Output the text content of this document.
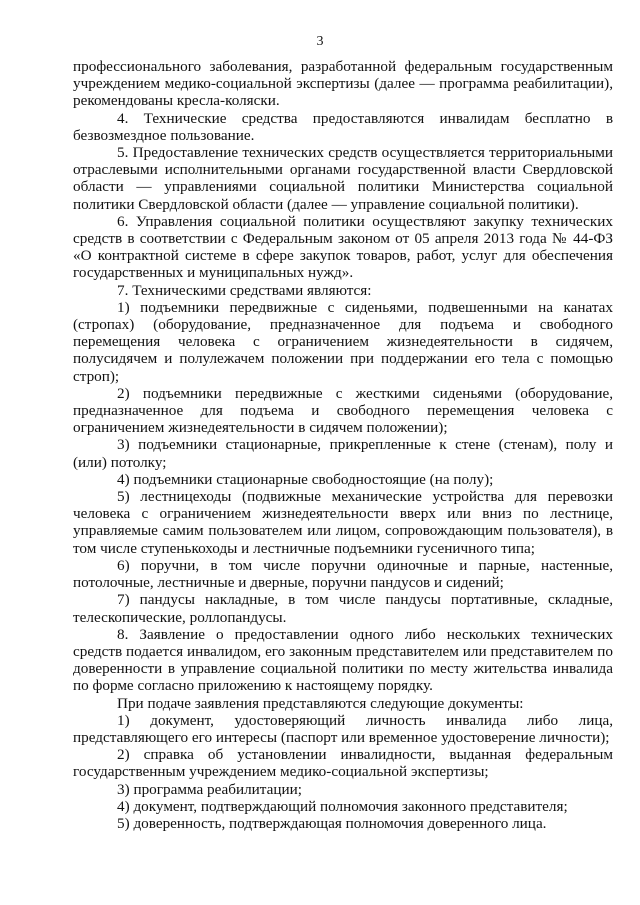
3

профессионального заболевания, разработанной федеральным государственным учреждением медико-социальной экспертизы (далее — программа реабилитации), рекомендованы кресла-коляски.

4. Технические средства предоставляются инвалидам бесплатно в безвозмездное пользование.

5. Предоставление технических средств осуществляется территориальными отраслевыми исполнительными органами государственной власти Свердловской области — управлениями социальной политики Министерства социальной политики Свердловской области (далее — управление социальной политики).

6. Управления социальной политики осуществляют закупку технических средств в соответствии с Федеральным законом от 05 апреля 2013 года № 44-ФЗ «О контрактной системе в сфере закупок товаров, работ, услуг для обеспечения государственных и муниципальных нужд».

7. Техническими средствами являются:

1) подъемники передвижные с сиденьями, подвешенными на канатах (стропах) (оборудование, предназначенное для подъема и свободного перемещения человека с ограничением жизнедеятельности в сидячем, полусидячем и полулежачем положении при поддержании его тела с помощью строп);

2) подъемники передвижные с жесткими сиденьями (оборудование, предназначенное для подъема и свободного перемещения человека с ограничением жизнедеятельности в сидячем положении);

3) подъемники стационарные, прикрепленные к стене (стенам), полу и (или) потолку;

4) подъемники стационарные свободностоящие (на полу);

5) лестницеходы (подвижные механические устройства для перевозки человека с ограничением жизнедеятельности вверх или вниз по лестнице, управляемые самим пользователем или лицом, сопровождающим пользователя), в том числе ступенькоходы и лестничные подъемники гусеничного типа;

6) поручни, в том числе поручни одиночные и парные, настенные, потолочные, лестничные и дверные, поручни пандусов и сидений;

7) пандусы накладные, в том числе пандусы портативные, складные, телескопические, роллопандусы.

8. Заявление о предоставлении одного либо нескольких технических средств подается инвалидом, его законным представителем или представителем по доверенности в управление социальной политики по месту жительства инвалида по форме согласно приложению к настоящему порядку.

При подаче заявления представляются следующие документы:

1) документ, удостоверяющий личность инвалида либо лица, представляющего его интересы (паспорт или временное удостоверение личности);

2) справка об установлении инвалидности, выданная федеральным государственным учреждением медико-социальной экспертизы;

3) программа реабилитации;

4) документ, подтверждающий полномочия законного представителя;

5) доверенность, подтверждающая полномочия доверенного лица.
